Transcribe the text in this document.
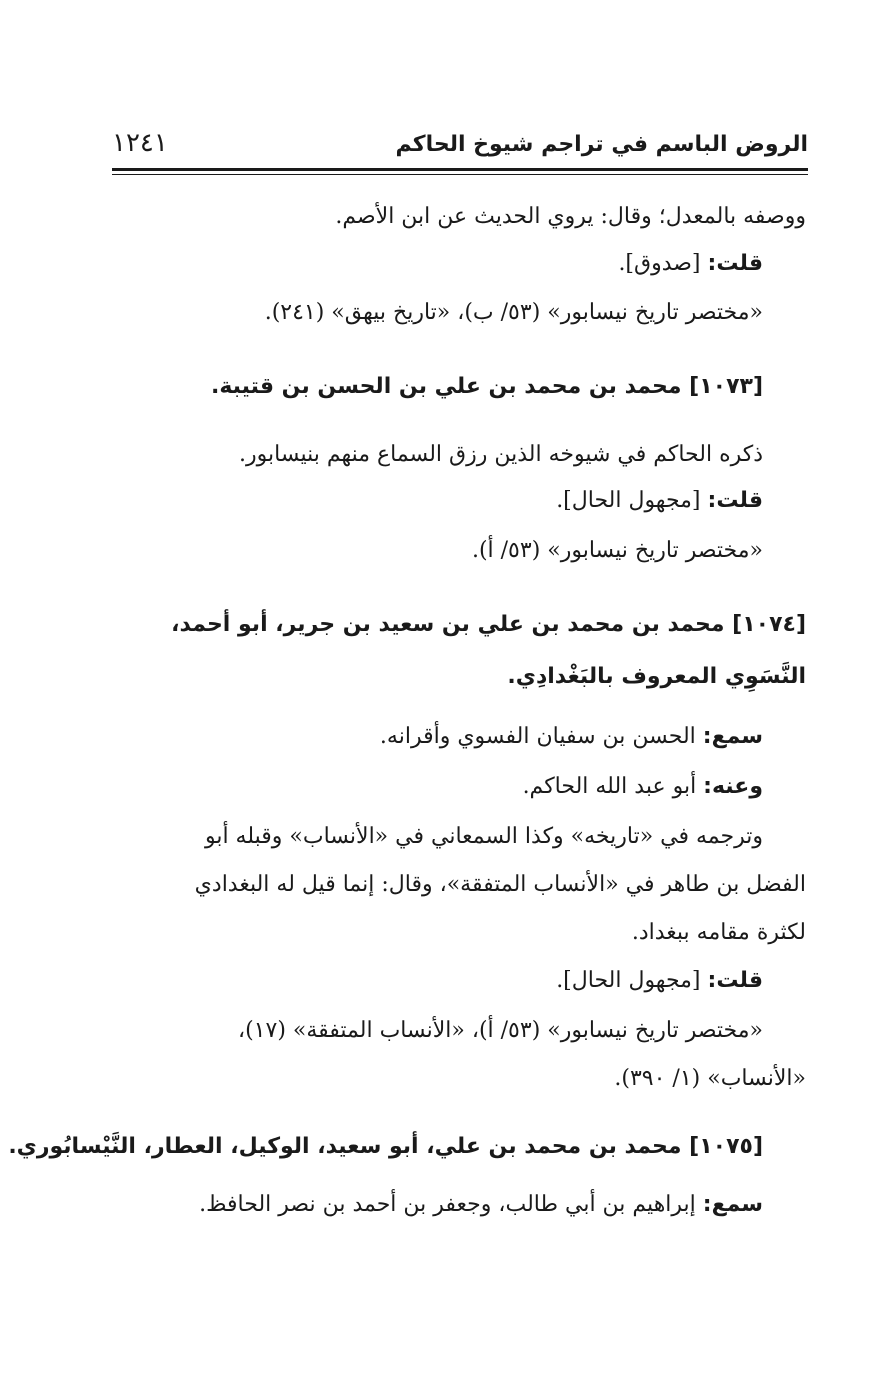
الروض الباسم في تراجم شيوخ الحاكم
١٢٤١
ووصفه بالمعدل؛ وقال: يروي الحديث عن ابن الأصم.
قلت: [صدوق].
«مختصر تاريخ نيسابور» (٥٣/ ب)، «تاريخ بيهق» (٢٤١).
[١٠٧٣] محمد بن محمد بن علي بن الحسن بن قتيبة.
ذكره الحاكم في شيوخه الذين رزق السماع منهم بنيسابور.
قلت: [مجهول الحال].
«مختصر تاريخ نيسابور» (٥٣/ أ).
[١٠٧٤] محمد بن محمد بن علي بن سعيد بن جرير، أبو أحمد،
النَّسَوِي المعروف بالبَغْدادِي.
سمع: الحسن بن سفيان الفسوي وأقرانه.
وعنه: أبو عبد الله الحاكم.
وترجمه في «تاريخه» وكذا السمعاني في «الأنساب» وقبله أبو
الفضل بن طاهر في «الأنساب المتفقة»، وقال: إنما قيل له البغدادي
لكثرة مقامه ببغداد.
قلت: [مجهول الحال].
«مختصر تاريخ نيسابور» (٥٣/ أ)، «الأنساب المتفقة» (١٧)،
«الأنساب» (١/ ٣٩٠).
[١٠٧٥] محمد بن محمد بن علي، أبو سعيد، الوكيل، العطار، النَّيْسابُوري.
سمع: إبراهيم بن أبي طالب، وجعفر بن أحمد بن نصر الحافظ.
